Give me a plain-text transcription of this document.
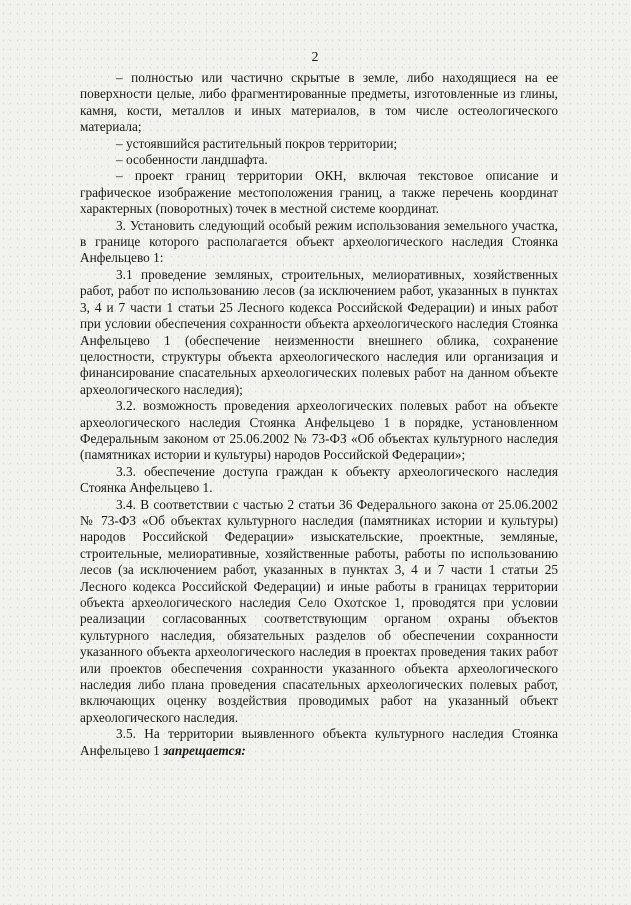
2

– полностью или частично скрытые в земле, либо находящиеся на ее поверхности целые, либо фрагментированные предметы, изготовленные из глины, камня, кости, металлов и иных материалов, в том числе остеологического материала;

– устоявшийся растительный покров территории;

– особенности ландшафта.

– проект границ территории ОКН, включая текстовое описание и графическое изображение местоположения границ, а также перечень координат характерных (поворотных) точек в местной системе координат.

3. Установить следующий особый режим использования земельного участка, в границе которого располагается объект археологического наследия Стоянка Анфельцево 1:

3.1 проведение земляных, строительных, мелиоративных, хозяйственных работ, работ по использованию лесов (за исключением работ, указанных в пунктах 3, 4 и 7 части 1 статьи 25 Лесного кодекса Российской Федерации) и иных работ при условии обеспечения сохранности объекта археологического наследия Стоянка Анфельцево 1 (обеспечение неизменности внешнего облика, сохранение целостности, структуры объекта археологического наследия или организация и финансирование спасательных археологических полевых работ на данном объекте археологического наследия);

3.2. возможность проведения археологических полевых работ на объекте археологического наследия Стоянка Анфельцево 1 в порядке, установленном Федеральным законом от 25.06.2002 № 73-ФЗ «Об объектах культурного наследия (памятниках истории и культуры) народов Российской Федерации»;

3.3. обеспечение доступа граждан к объекту археологического наследия Стоянка Анфельцево 1.

3.4. В соответствии с частью 2 статьи 36 Федерального закона от 25.06.2002 № 73-ФЗ «Об объектах культурного наследия (памятниках истории и культуры) народов Российской Федерации» изыскательские, проектные, земляные, строительные, мелиоративные, хозяйственные работы, работы по использованию лесов (за исключением работ, указанных в пунктах 3, 4 и 7 части 1 статьи 25 Лесного кодекса Российской Федерации) и иные работы в границах территории объекта археологического наследия Село Охотское 1, проводятся при условии реализации согласованных соответствующим органом охраны объектов культурного наследия, обязательных разделов об обеспечении сохранности указанного объекта археологического наследия в проектах проведения таких работ или проектов обеспечения сохранности указанного объекта археологического наследия либо плана проведения спасательных археологических полевых работ, включающих оценку воздействия проводимых работ на указанный объект археологического наследия.

3.5. На территории выявленного объекта культурного наследия Стоянка Анфельцево 1 запрещается:
